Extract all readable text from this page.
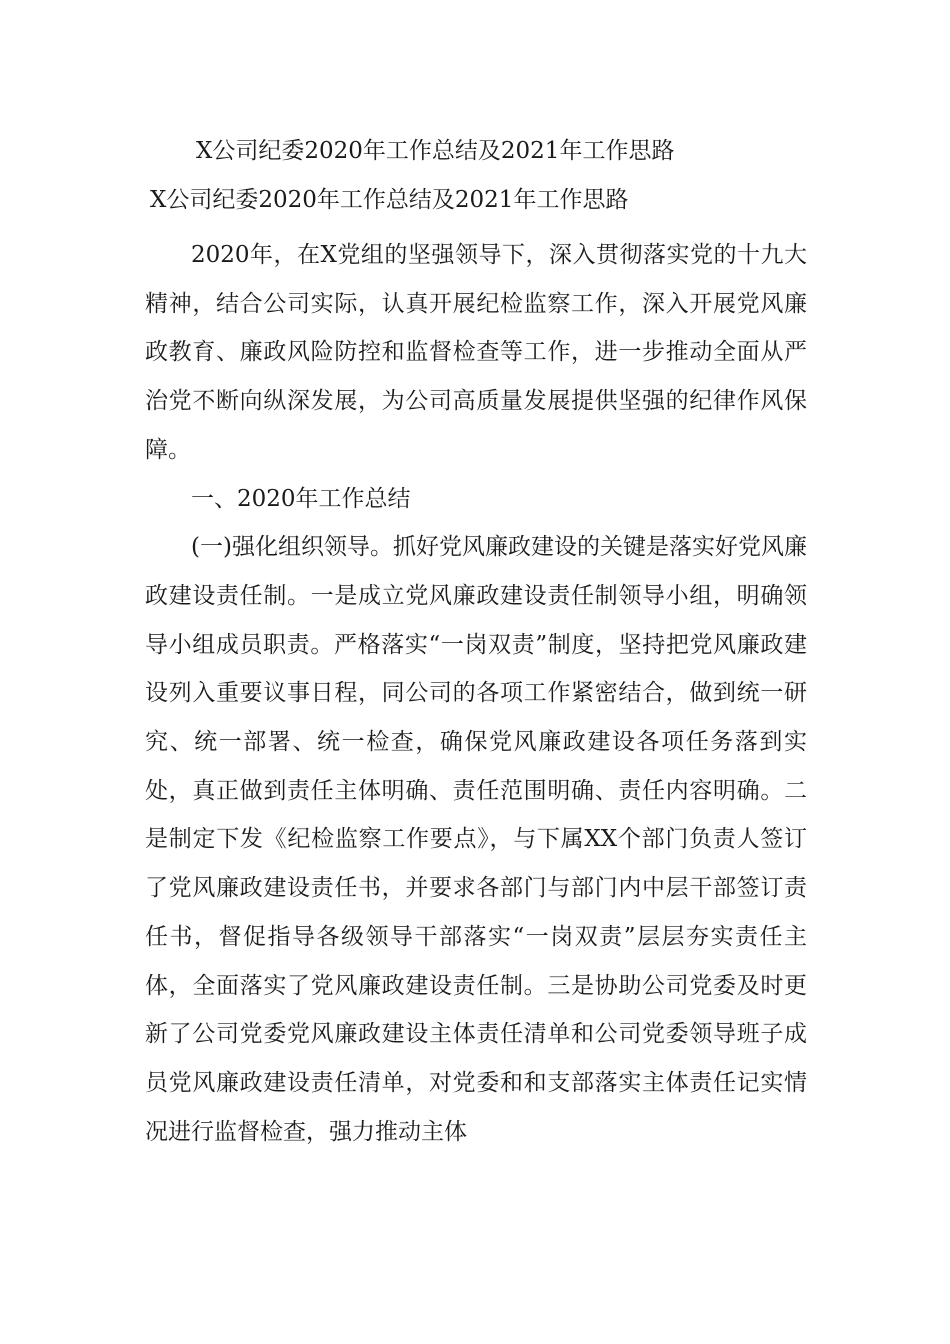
X公司纪委2020年工作总结及2021年工作思路
X公司纪委2020年工作总结及2021年工作思路

2020年，在X党组的坚强领导下，深入贯彻落实党的十九大精神，结合公司实际，认真开展纪检监察工作，深入开展党风廉政教育、廉政风险防控和监督检查等工作，进一步推动全面从严治党不断向纵深发展，为公司高质量发展提供坚强的纪律作风保障。

一、2020年工作总结

(一)强化组织领导。抓好党风廉政建设的关键是落实好党风廉政建设责任制。一是成立党风廉政建设责任制领导小组，明确领导小组成员职责。严格落实“一岗双责”制度，坚持把党风廉政建设列入重要议事日程，同公司的各项工作紧密结合，做到统一研究、统一部署、统一检查，确保党风廉政建设各项任务落到实处，真正做到责任主体明确、责任范围明确、责任内容明确。二是制定下发《纪检监察工作要点》，与下属XX个部门负责人签订了党风廉政建设责任书，并要求各部门与部门内中层干部签订责任书，督促指导各级领导干部落实“一岗双责”层层夯实责任主体，全面落实了党风廉政建设责任制。三是协助公司党委及时更新了公司党委党风廉政建设主体责任清单和公司党委领导班子成员党风廉政建设责任清单，对党委和和支部落实主体责任记实情况进行监督检查，强力推动主体
